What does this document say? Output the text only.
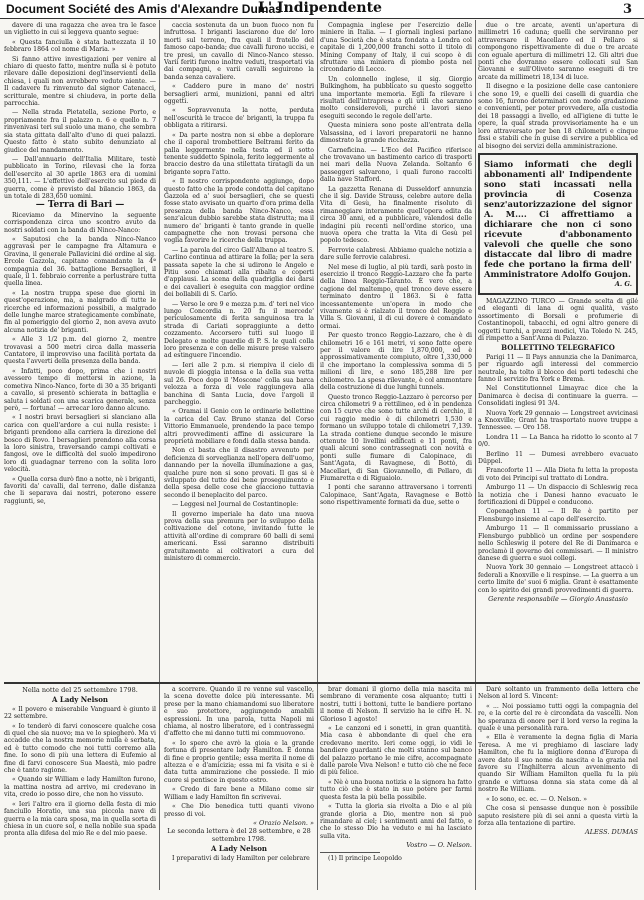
Document Société des Amis d'Alexandre Dumas
L' Indipendente	3

davere di una ragazza che avea tra le fasce un viglietto in cui si leggeva quanto segue:

« Questa fanciulla è stata battezzata il 10 febbraro 1864 col nome di Maria. »

Si fanno attive investigazioni per venire al chiaro di questo fatto, mentre nulla si è potuto rilevare dalle deposizioni degl'inservienti della chiesa, i quali non avrebbero veduto niente. — Il cadavere fu rinvenuto dal signor Catenacci, scritturale, mentre si chiudeva, in porte della parrocchia.

— Nella strada Pietatella, sezione Porto, e propriamente fra il palazzo n. 6 e quello n. 7 rinvenivasi teri sul suolo una mano, che sembra sia stata gittata dall'alto d'uno di quei palazzi. Questo fatto è stato subito denunziato al giudice del mandamento.

— Dall'annuario dell'Italia Militare, testè pubblicato in Torino, rilevasi che la forza dell'esercito al 30 aprile 1863 era di uomini 350,111. — L'effettivo dell'esercito sul piede di guerra, come è previsto dal bilancio 1863, da un totale di 283,650 uomini.

— Terra di Bari —

Riceviamo da Minervino la seguente corrispondenza circa uno scontro avuto da nostri soldati con la banda di Ninco-Nanco:

« Saputosi che la banda Ninco-Nanco aggravasi per le campagne fra Altamura e Gravina, il generale Pallavicini dié ordine al sig. Ercole Gazzola, capitano comandante la 4ª compagnia del 36. battaglione Bersaglieri, il quale, il 1. febbraio corrente a perlustrare tutta quella linea.

« La nostra truppa spese due giorni in quest'operazione, ma, a malgrado di tutte le ricerche ed informazioni possibili, a malgrado delle lunghe marce strategicamente combinate, fin al pomeriggio del giorno 2, non aveva avuto alcuna notizia de' briganti.

« Alle 3 1/2 p.m. del giorno 2, mentre trovavasi a 500 metri circa dalla masseria Cantatore, il improvviso una facilità portata da questa l'avverti della presenza della banda.

« Infatti, poco dopo, prima che i nostri avessero tempo di mettersi in azione, la cometiva Ninco-Nanco, forte di 30 a 35 briganti a cavallo, si presentò schierata in battaglia e saluta i soldati con una scarica generale, senza però, — fortuna! — arrecar loro danno alcuno.

« I nostri bravi bersaglieri si slanciano alla carica con quell'ardore a cui nulla resiste: i briganti prendono alla carriera la direzione del bosco di Rovo. I bersaglieri prendono alla corsa la loro sinistra, traversando campi coltivati e fangosi, ove le difficoltà del suolo impedirono loro di guadagnar terreno con la solita loro velocità.

« Quella corsa durò fino a notte, nè i briganti, favoriti da' cavalli, dal terreno, dalle distanza che li separava dai nostri, poterono essere raggiunti, se,

caccia sostenuta da un buon fuoco non fu infruttosa. I briganti lasciarono due de' loro morti sul terreno, fra quali il fratello del famoso capo-banda; due cavalli furono uccisi, e tre presi, un cavallo di Ninco-Nanco stesso. Varii feriti furono inoltre veduti, trasportati via dai compagni, e varii cavalli seguirono la banda senza cavaliere.

« Caddero pure in mano de' nostri bersaglieri armi, munizioni, panni ed altri oggetti.

« Sopravvenuta la notte, perduta nell'oscurità le tracce de' briganti, la truppa fu obbligata a ritirarsi.

« Da parte nostra non si ebbe a deplorare che il caporal trombettiere Beltrami ferito da palla leggermente nella testa ed il sotto tenente suddetto Spinola, ferito leggermente al braccio destro da una stilettata tiratagli da un brigante sopra l'atto.

« Il nostro corrispondente aggiunge, dopo questo fatto che la prode condotta del capitano Gazzola ed a' suoi bersaglieri, che se questi fosse stato avvisato un quarto d'ora prima della presenza della banda Ninco-Nanco, essa senz'alcun dubbio sarebbe stata distrutta; ma il numero de' briganti è tanto grande in quelle campagnette che non trovasi persona che voglia favorire le ricerche della truppa.

— La parola del circo Gall'Albano al teatro S. Carlino continua ad attirare la folla; per la sera passata sapete la che si udirono le Angelo e Pitiu sono chiamati alla ribalta e coperti d'applausi. La scena della quadriglia dei darsi e dei cavalieri è eseguita con maggior ordine dei bollabili di S. Carlo.

— Verso le ore 9 e mezza p.m. d' teri nel vico lungo Concordia n. 20 fu il mercede' periculosamente di ferita sanguinosa tra la strada di Cariati sopraggiunte a detto cozzamento. Accorsero tutti sul luogo il Delegato e molte guardie di P. S. le quali colla loro presenza e con delle misure prese valsero ad estinguere l'incendio.

— Ieri alle 2 p.m. si riempiva il cielo di nuvole di pioggia intensa e la della sua vetta sul 26. Poco dopo il 'Moscone' colla sua barca velozza a forza di vele raggiungeva alla banchina di Santa Lucia, dove l'argoli il parcheggio.

« Oramai il Genio con le ordinarie bollettine la carica del Cav. Bruno stanza del Corso Vittorio Emmanuele, prendendo la pace tempo altri provvedimenti affine di assicurare la proprietà mobiliare e fondi dalla stessa banda.

Non ci basta che il disastro avvenuto per deficienza di sorveglianza nell'opera dell'uomo, dannando per la novella illuminazione a gas, qualche pure non si sono provati. Il gas si è sviluppato del tutto dei bene proseguimento e della spesa delle cose che giacciono tuttavia secondo il beneplacito del parco.

— Leggesi nel Journal de Costantinople:

Il governo imperiale ha dato una nuova prova della sua premura per lo sviluppo della coltivazione del cotone, invitando tutte le attività all'ordine di comprare 60 balli di semi americani. Essi saranno distribuiti gratuitamente ai coltivatori a cura del ministero di commercio.

Compagnia inglese per l'esercizio delle miniere in Italia. — I giornali inglesi parlano d'una Società che è stata fondata a Londra col capitale di 1,200,000 franchi sotto il titolo di Mining Company of Italy, il cui scopo è di sfruttare una miniera di piombo posta nel circondario di Lecco.

Un colonnello inglese, il sig. Giorgio Bulkinghom, ha pubblicato su questo soggetto una importante memoria. Egli fa rilevare i risultati dell'intrapresa e gli utili che saranno molto considerevoli, purché i lavori sieno eseguiti secondo le regole dell'arte.

Questa miniera sono poste all'entrata della Valsassina, ed i lavori preparatorii ne hanno dimostrato la grande ricchezza.

Carneficina. — L'Eco del Pacifico riferisce che trovavano un bastimento carico di trasporti nei mari della Nuova Zelanda. Soltanto 6 passeggeri salvarono, i quali furono raccolti dalla nave Stafford.

La gazzetta Renana di Dusseldorf annunzia che il sig. Davide Strauss, celebre autore della Vita di Gesù, ha finalmente risoluto di rimaneggiare interamente quell'opera edita da circa 30 anni, ed a pubblicare, valendosi delle indagini più recenti nell'ordine storico, una nuova opera che tratta la Vita di Gesù pel popolo tedesco.

Ferrovie calabresi. Abbiamo qualche notizia a dare sulle ferrovie calabresi.

Nel mese di luglio, al più tardi, sarà posto in esercizio il tronco Reggio-Lazzaro che fa parte della linea Reggio-Taranto. È vero che, a cagione del maltempo, quel tronco deve essere terminato dentro il 1863. Si è fatta incessantemente un'opera in modo che vivamente si è rialzato il tronco del Reggio e Villa S. Giovanni, il di cui dovere è comandato ormai.

Per questo tronco Reggio-Lazzaro, che è di chilometri 16 e 161 metri, vi sono fatte opere per il valore di lire 1,870,000, ed è approssimativamente compiuto, oltre 1,330,000 il che importano la complessiva somma di 5 milioni di lire, e sono 185,288 lire per chilometro. La spesa rilevante, è col ammontare della costruzione di due lunghi tunnels.

Questo tronco Reggio-Lazzaro è percorso per circa chilometri 9 a rettilineo, ed è in pendenza con 15 curve che sono tutte archi di cerchio, il cui raggio medio è di chilometri 1,530 e formano un sviluppo totale di chilometri 7,139. La strada contiene dunque secondo le misure ottenute 10 livellini edificati e 11 ponti, fra quali alcuni sono contrassegnati con novità e ponti sulle fiumare di Calopinace, di Sant'Agata, di Ravagnese, di Bottò, di Macellari, di San Giovannello, di Pellaro, di Fiumaretta e di Riguaiolo.

I ponti che saranno attraversano i torrenti Calopinace, Sant'Agata, Ravagnese e Bottò sono rispettivamente formati da due, sette o

due o tre arcate, aventi un'apertura di millimetri 16 caduna; quelli che serviranno per attraversare il Macellaro ed il Pellaro si compongono rispettivamente di due o tre arcate con eguale apertura di millimetri 12. Gli altri due ponti che dovranno essere collocati sul San Giovanni e sull'Oliveto saranno eseguiti di tre arcate da millimetri 18,134 di luce.

Il disegno e la posizione delle case cantoniere che sono 19, e quelli dei caselli di guardia che sono 16, furono determinati con modo gradazione e convenienti, per poter provvedere, alla custodia dei 18 passaggi a livello, ed all'igiene di tutte le opere, la qual strada provvisoriamente ha e un loro attraversato per ben 18 chilometri e cinque fissi e stabili che in guise di servire a pubblica ed al bisogno dei servizi della amministrazione.

Siamo informati che degli abbonamenti all' Indipendente sono stati incassati nella provincia di Cosenza senz'autorizzazione del signor A. M.... Ci affrettiamo a dichiarare che non ci sono ricevute d'abbonamento valevoli che quelle che sono distaccate dal libro di madre fede che portano la firma dell' Amministratore Adolfo Goujon.
A. G.

MAGAZZINO TURCO — Grande scelta di gilé ed eleganti di lana di ogni qualità, vasto assortimento di Borsali e profumerie di Costantinopoli, tabacchi, ed ogni altro genere di oggetti turchi, a prezzi modici, Via Toledo N. 245, di rimpetto a Sant'Anna di Palazzo.

BOLLETTINO TELEGRAFICO

Parigi 11 — Il Pays annunzia che la Danimarca, per riguardo agli interessi del commercio neutrale, ha tolto il blocco dei porti tedeschi che fanno il servizio fra York e Brema.

Nel Constitutionnel Limayrac dice che la Danimarca è decisa di continuare la guerra. — Consolidati inglesi 91 3/4.

Nuova York 29 gennaio — Longstreet avvicinasi a Knoxville; Grant ha trasportato nuove truppe a Tennessee. — Oro 158.

Londra 11 — La Banca ha ridotto lo sconto al 7 0/0.

Berlino 11 — Dumesi avrebbero evacuato Düppel.

Francoforte 11 — Alla Dieta fu letta la proposta di voto dei Principi sul trattato di Londra.

Amburgo 11 — Un dispaccio di Schleswig reca la notizia che i Danesi hanno evacuato le fortificazioni di Düppel e conducono.

Copenaghen 11 — Il Re è partito per Flensburgo insieme al capo dell'esercito.

Amburgo 11 — Il commissario prussiano a Flensburgo pubblicò un ordine per sospendere nello Schleswig il potere del Re di Danimarca e proclamò il governo dei commissari. — Il ministro danese di guerra e suoi collegi.

Nuova York 30 gennaio — Longstreet attaccò i federali a Knoxville e li respinse. — La guerra a un certo limite de' suoi 6 miglia. Grant è esattamente con lo spirito dei grandi provvedimenti di guerra.

Gerente responsabile — Giorgio Anastasio
Nella notte del 25 settembre 1798.
A Lady Nelson

« Il povero e miserabile Vanguard è giunto il 22 settembre.

« Io tenderò di farvi conoscere qualche cosa di quel che sia nuovo; ma ve lo spiegherò. Ma vi accadde che la nostra memorie nulla è serbata, ed è tutto comodo che noi tutti corremo alla fine. Io sono di più una lettera di Eufemio al fine di farvi conoscere Sua Maestà, mio padre che è tanto ragione.

« Quando sir William e lady Hamilton furono, la mattina nostra ad arrivo, mi credevano in vita, credo io posso dire, che non ho vissuto.

« Ieri l'altro era il giorno della festa di mio fanciullo Horatio, una sua piccola nave di guerra e la mia cara sposa, ma in quella sorta di chiesa in un cuore sol, e nella nobile sua spada pronta alla difesa del mio Re e del mio paese.

a scorrere. Quando il re venne sul vascello, la scena dovette dolce più interessante. Mi prese per la mano chiamandomi suo liberatore e suo protettore, aggiungendo amabili espressioni. In una parola, tutta Napoli mi chiama, al nostro liberatore, ed i contrassegni d'affetto che mi danno tutti mi commuovono.

« Io spero che avrò la gioia e la grande fortuna di presentare lady Hamilton. È donna di fine e proprio gentile; essa merita il nome di altezza e e d'amicizia; essa mi fa visita e si è data tutta ammirazione che possiede. Il mio cuore si pentisce in questo estro.

« Credo di fare bene a Milano come sir William e lady Hamilton fin scrivevai.

« Che Dio benedica tutti quanti vivono presso di voi.

« Orazio Nelson. »
Le seconda lettera è del 28 settembre, e 28 settembre 1798.
A Lady Nelson

I preparativi di lady Hamilton per celebrare

brar domani il giorno della mia nascita mi sembrano di veramente cosa alquanto; tutti i nostri, tutti i bottoni, tutte le bandiere portano il nome di Nelson. Il servizio ha le cifre H. N. Glorioso 1 agosto!

« Le canzoni ed i sonetti, in gran quantità. Mia casa è abbondante di quel che era credevano merito. Ieri come oggi, io vidi le bandiere guardanti che molti stanno sul banco del palazzo portano le mie cifre, accompagnate dalle parole Viva Nelson! e tutto ciò che ne fece di più felice.

« Nè è una buona notizia e la signora ha fatto tutto ciò che è stato in suo potere per farmi questa festa la più bella possibile.

« Tutta la gloria sia rivolta a Dio e al più grande gloria a Dio, mentre non si può rimandare al ciel; i sentimenti anni del fatto, e che lo stesso Dio ha veduto e mi ha lasciato sulla vita.

Vostro — O. Nelson.

(1) Il principe Leopoldo

Daré soltanto un frammento della lettera che Nelson al lord S. Vincent:

« ... Noi possiamo tutti oggi la compagnia del re, e la corte del re è circondata da vascelli. Non ho speranza di onore per il lord verso la regina la quale è una personalità rara.

« Ella è veramente la degna figlia di Maria Teresa. A me vi preghiamo di lasciare lady Hamilton, che fu la migliore donna d'Europa di avere dato il suo nome da nascita e la grazia nel favore su l'Inghilterra alcun avvenimento di quando Sir William Hamilton quella fu la più grande e virtuosa donna sia stata come dà al nostro Re William.

« Io sono, ec. ec. — O. Nelson. »

Che cosa si pensasse dunque non è possibile saputo resistere più di sei anni a questa virtù la forza alla tentazione di partire.

ALESS. DUMAS
